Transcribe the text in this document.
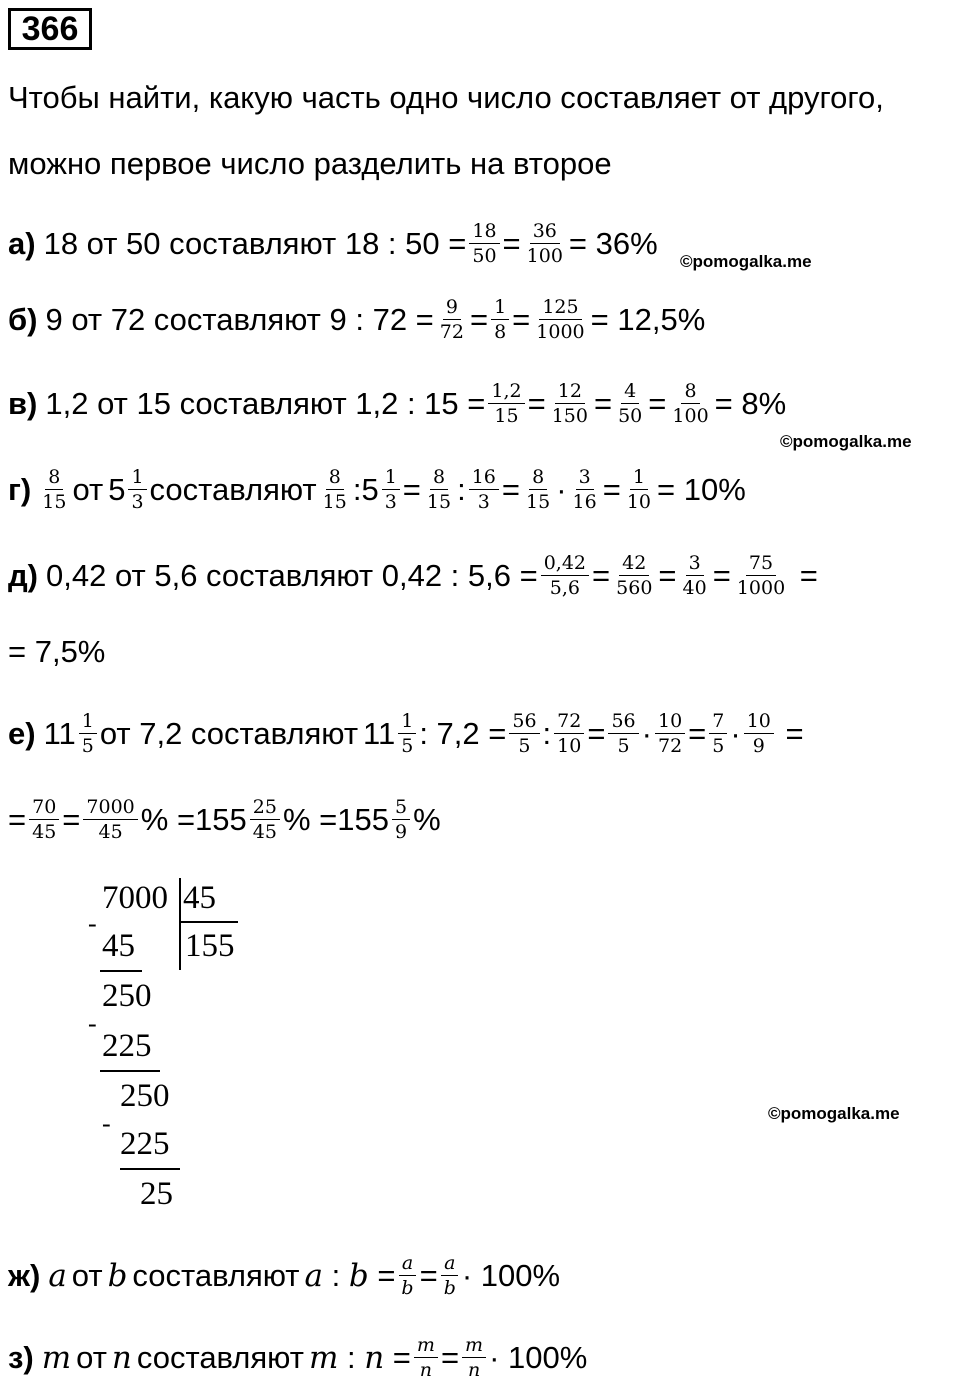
366
Чтобы найти, какую часть одно число составляет от другого,
можно первое число разделить на второе
а) 18 от 50 составляют 18 : $50 = \frac{18}{50} = \frac{36}{100} = 36\%$
©pomogalka.me
б) 9 от 72 составляют 9 : $72 = \frac{9}{72} = \frac{1}{8} = \frac{125}{1000} = 12,5\%$
в) 1,2 от 15 составляют 1,2 : $15 = \frac{1,2}{15} = \frac{12}{150} = \frac{4}{50} = \frac{8}{100} = 8\%$
©pomogalka.me
$г) \frac{8}{15}$ от $5 \frac{1}{3}$ составляют $\frac{8}{15}$ : $5 \frac{1}{3} = \frac{8}{15}$ : $\frac{16}{3} = \frac{8}{15} \cdot \frac{3}{16} = \frac{1}{10} = 10\%$
д) 0,42 от 5,6 составляют 0,42 : $5,6 = \frac{0,42}{5,6} = \frac{42}{560} = \frac{3}{40} = \frac{75}{1000}$ =
= 7,5%
е) $11 \frac{1}{5}$ от 7,2 составляют $11 \frac{1}{5}$ : $7,2 = \frac{56}{5}$ : $\frac{72}{10} = \frac{56}{5} \cdot \frac{10}{72} = \frac{7}{5} \cdot \frac{10}{9}$ =
= $\frac{70}{45} = \frac{7000}{45}$ % = $155 \frac{25}{45}$ % = $155 \frac{5}{9}$ %
7000 45
155
-
45
250
-
225
250
-
225
25
©pomogalka.me
ж) a от b составляют a : $b = \frac{a}{b} = \frac{a}{b} \cdot 100\%$
з) m от n составляют m : $n = \frac{m}{n} = \frac{m}{n} \cdot 100\%$
